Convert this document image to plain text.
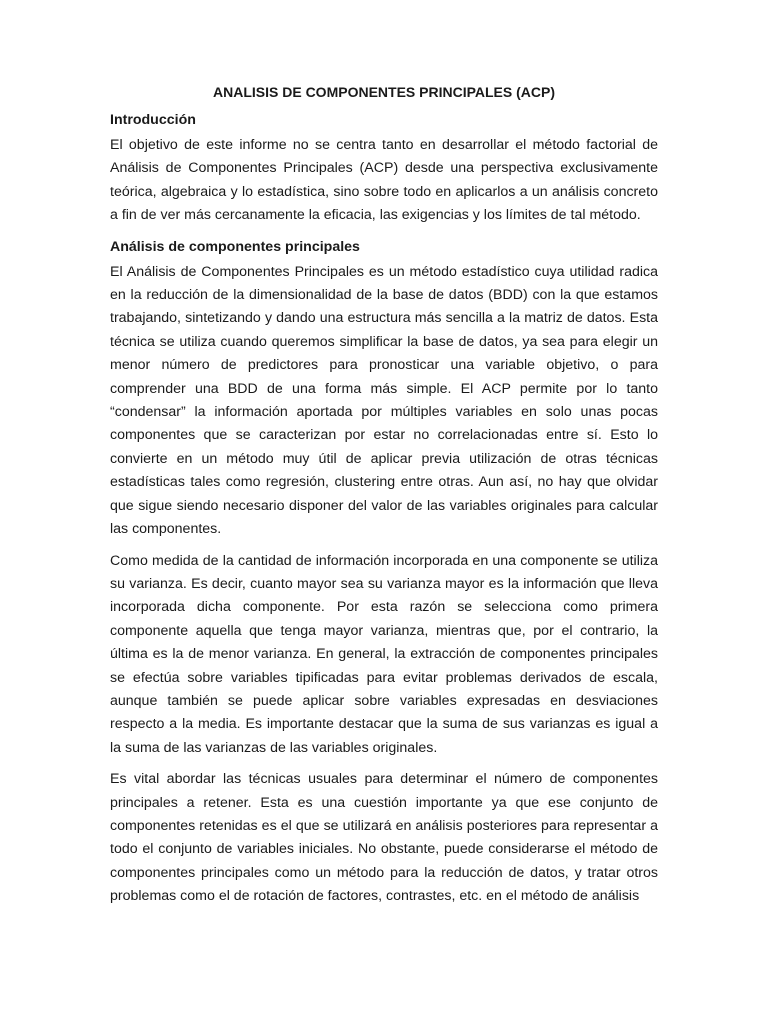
ANALISIS DE COMPONENTES PRINCIPALES (ACP)
Introducción

El objetivo de este informe no se centra tanto en desarrollar el método factorial de Análisis de Componentes Principales (ACP) desde una perspectiva exclusivamente teórica, algebraica y lo estadística, sino sobre todo en aplicarlos a un análisis concreto a fin de ver más cercanamente la eficacia, las exigencias y los límites de tal método.

Análisis de componentes principales

El Análisis de Componentes Principales es un método estadístico cuya utilidad radica en la reducción de la dimensionalidad de la base de datos (BDD) con la que estamos trabajando, sintetizando y dando una estructura más sencilla a la matriz de datos. Esta técnica se utiliza cuando queremos simplificar la base de datos, ya sea para elegir un menor número de predictores para pronosticar una variable objetivo, o para comprender una BDD de una forma más simple. El ACP permite por lo tanto “condensar” la información aportada por múltiples variables en solo unas pocas componentes que se caracterizan por estar no correlacionadas entre sí. Esto lo convierte en un método muy útil de aplicar previa utilización de otras técnicas estadísticas tales como regresión, clustering entre otras. Aun así, no hay que olvidar que sigue siendo necesario disponer del valor de las variables originales para calcular las componentes.

Como medida de la cantidad de información incorporada en una componente se utiliza su varianza. Es decir, cuanto mayor sea su varianza mayor es la información que lleva incorporada dicha componente. Por esta razón se selecciona como primera componente aquella que tenga mayor varianza, mientras que, por el contrario, la última es la de menor varianza. En general, la extracción de componentes principales se efectúa sobre variables tipificadas para evitar problemas derivados de escala, aunque también se puede aplicar sobre variables expresadas en desviaciones respecto a la media. Es importante destacar que la suma de sus varianzas es igual a la suma de las varianzas de las variables originales.

Es vital abordar las técnicas usuales para determinar el número de componentes principales a retener. Esta es una cuestión importante ya que ese conjunto de componentes retenidas es el que se utilizará en análisis posteriores para representar a todo el conjunto de variables iniciales. No obstante, puede considerarse el método de componentes principales como un método para la reducción de datos, y tratar otros problemas como el de rotación de factores, contrastes, etc. en el método de análisis
